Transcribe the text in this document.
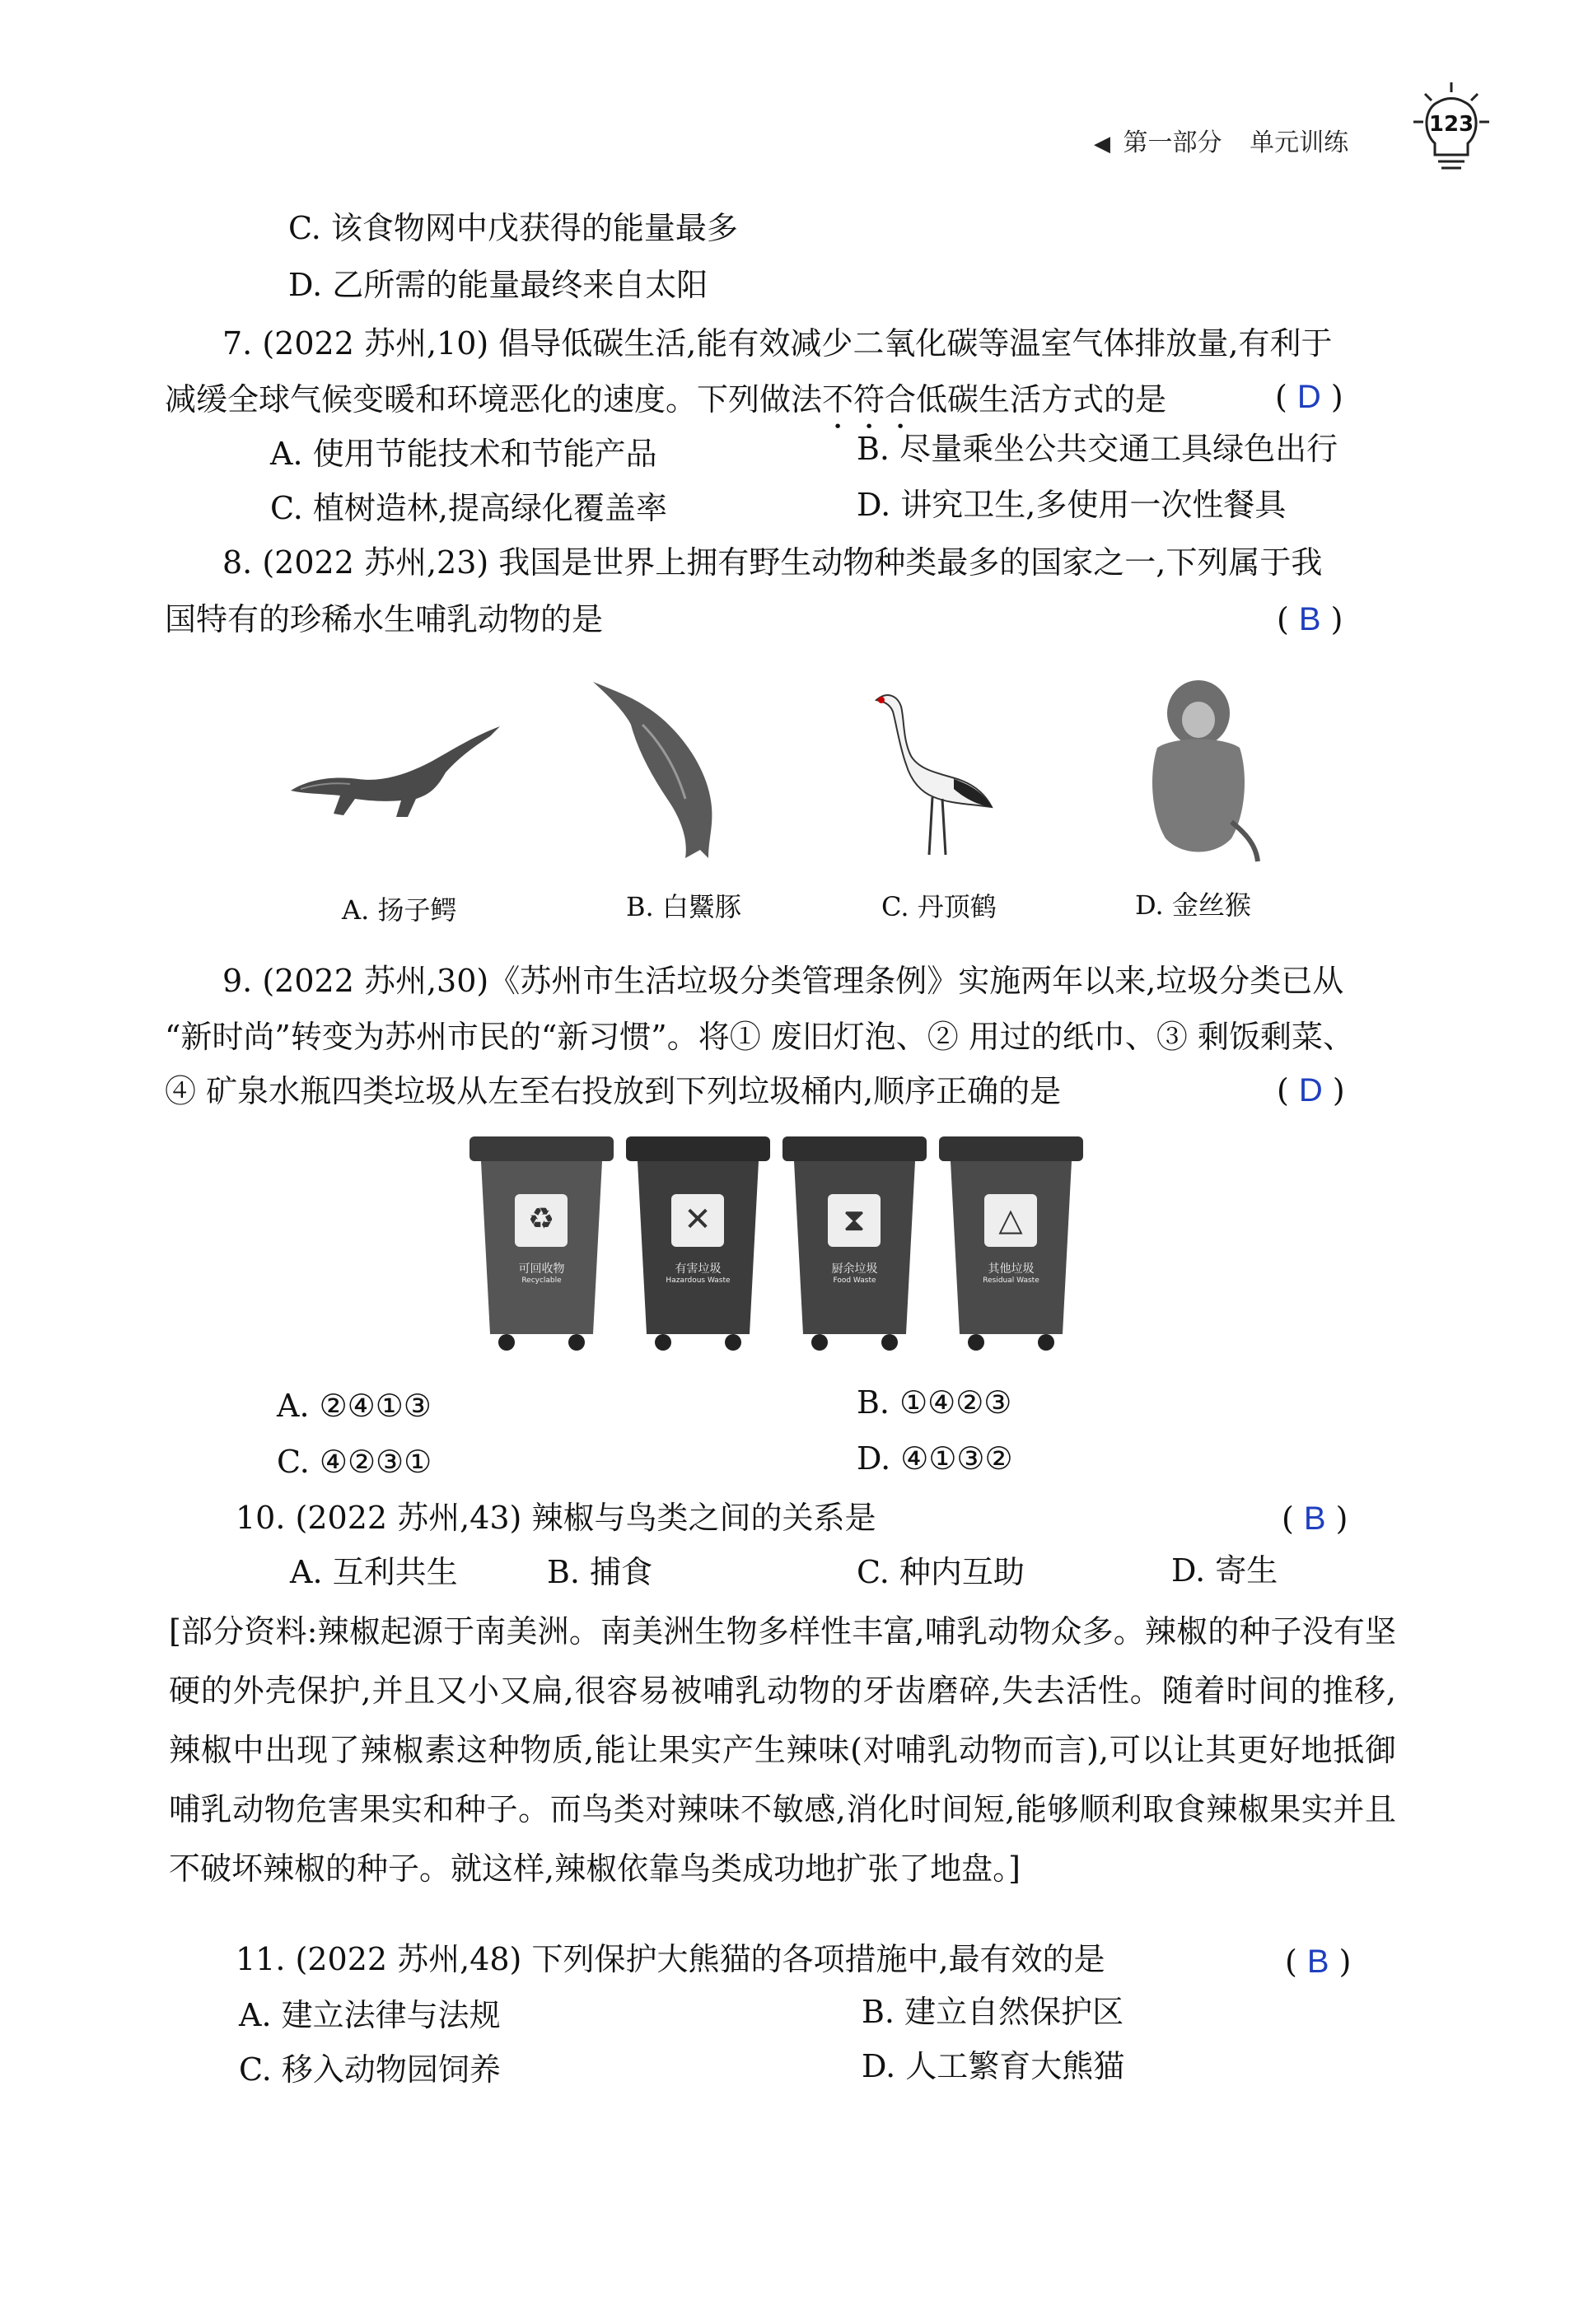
◀︎ 第一部分 单元训练
123
C. 该食物网中戊获得的能量最多
D. 乙所需的能量最终来自太阳
7. (2022 苏州,10) 倡导低碳生活,能有效减少二氧化碳等温室气体排放量,有利于
减缓全球气候变暖和环境恶化的速度。下列做法不符合低碳生活方式的是	( D )
A. 使用节能技术和节能产品	B. 尽量乘坐公共交通工具绿色出行
C. 植树造林,提高绿化覆盖率	D. 讲究卫生,多使用一次性餐具
8. (2022 苏州,23) 我国是世界上拥有野生动物种类最多的国家之一,下列属于我
国特有的珍稀水生哺乳动物的是	( B )
A. 扬子鳄	B. 白鱀豚	C. 丹顶鹤	D. 金丝猴
9. (2022 苏州,30)《苏州市生活垃圾分类管理条例》实施两年以来,垃圾分类已从
“新时尚”转变为苏州市民的“新习惯”。将① 废旧灯泡、② 用过的纸巾、③ 剩饭剩菜、
④ 矿泉水瓶四类垃圾从左至右投放到下列垃圾桶内,顺序正确的是	( D )
♻	✕	⧗	△
可回收物
Recyclable
有害垃圾
Hazardous Waste
厨余垃圾
Food Waste
其他垃圾
Residual Waste
A. ②④①③	B. ①④②③
C. ④②③①	D. ④①③②
10. (2022 苏州,43) 辣椒与鸟类之间的关系是	( B )
A. 互利共生	B. 捕食	C. 种内互助	D. 寄生
[部分资料:辣椒起源于南美洲。南美洲生物多样性丰富,哺乳动物众多。辣椒的种子没有坚硬的外壳保护,并且又小又扁,很容易被哺乳动物的牙齿磨碎,失去活性。随着时间的推移,辣椒中出现了辣椒素这种物质,能让果实产生辣味(对哺乳动物而言),可以让其更好地抵御哺乳动物危害果实和种子。而鸟类对辣味不敏感,消化时间短,能够顺利取食辣椒果实并且不破坏辣椒的种子。就这样,辣椒依靠鸟类成功地扩张了地盘。]
11. (2022 苏州,48) 下列保护大熊猫的各项措施中,最有效的是	( B )
A. 建立法律与法规	B. 建立自然保护区
C. 移入动物园饲养	D. 人工繁育大熊猫
